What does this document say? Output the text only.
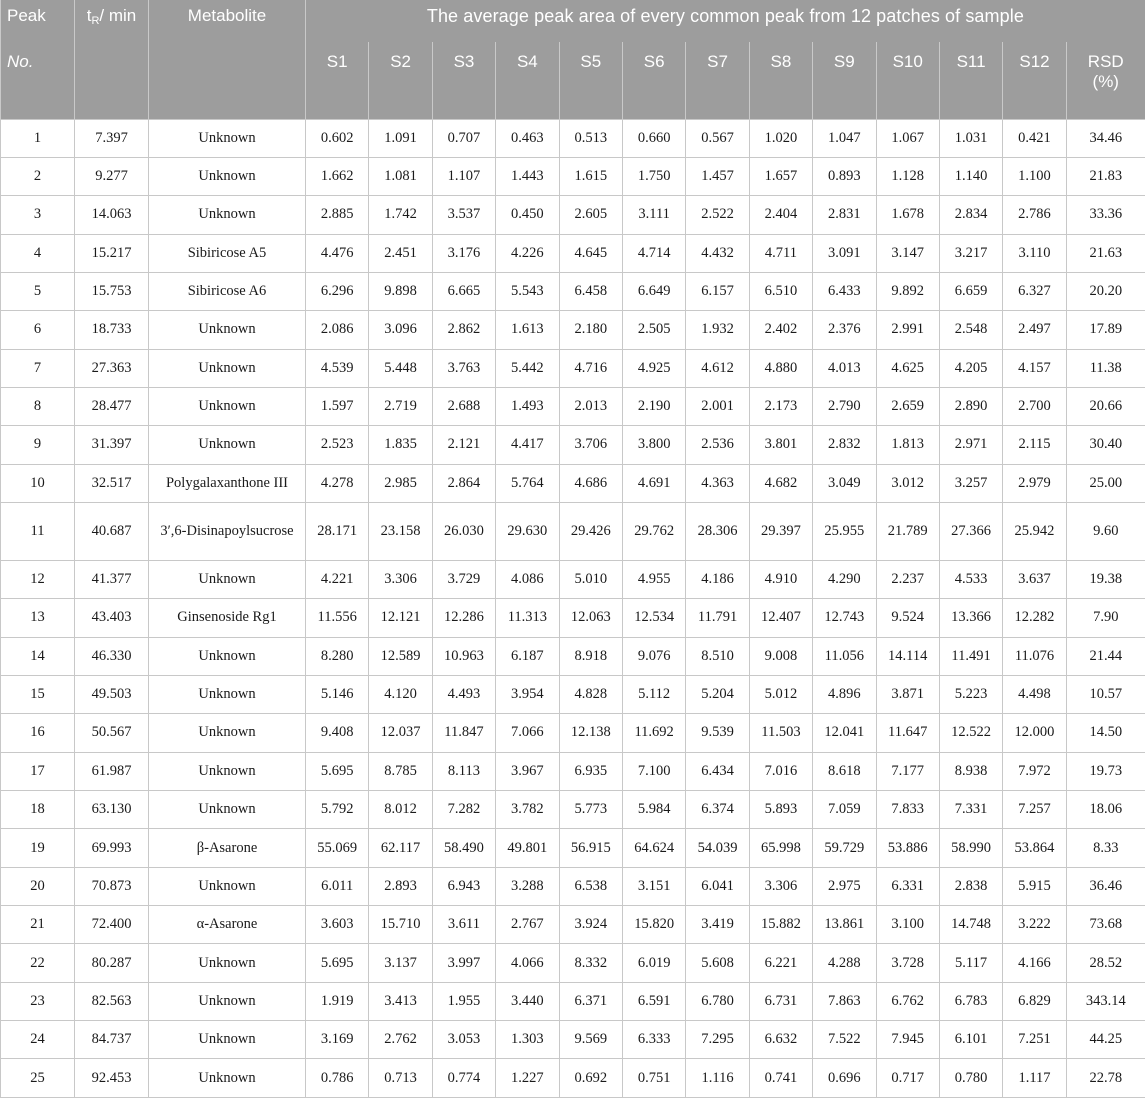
Peak	$t_R/$ min	Metabolite	The average peak area of every common peak from 12 patches of sample												
No.			S1	S2	S3	S4	S5	S6	S7	S8	S9	S10	S11	S12	RSD (%)
1	7.397	Unknown	0.602	1.091	0.707	0.463	0.513	0.660	0.567	1.020	1.047	1.067	1.031	0.421	34.46
2	9.277	Unknown	1.662	1.081	1.107	1.443	1.615	1.750	1.457	1.657	0.893	1.128	1.140	1.100	21.83
3	14.063	Unknown	2.885	1.742	3.537	0.450	2.605	3.111	2.522	2.404	2.831	1.678	2.834	2.786	33.36
4	15.217	Sibiricose A5	4.476	2.451	3.176	4.226	4.645	4.714	4.432	4.711	3.091	3.147	3.217	3.110	21.63
5	15.753	Sibiricose A6	6.296	9.898	6.665	5.543	6.458	6.649	6.157	6.510	6.433	9.892	6.659	6.327	20.20
6	18.733	Unknown	2.086	3.096	2.862	1.613	2.180	2.505	1.932	2.402	2.376	2.991	2.548	2.497	17.89
7	27.363	Unknown	4.539	5.448	3.763	5.442	4.716	4.925	4.612	4.880	4.013	4.625	4.205	4.157	11.38
8	28.477	Unknown	1.597	2.719	2.688	1.493	2.013	2.190	2.001	2.173	2.790	2.659	2.890	2.700	20.66
9	31.397	Unknown	2.523	1.835	2.121	4.417	3.706	3.800	2.536	3.801	2.832	1.813	2.971	2.115	30.40
10	32.517	Polygalaxanthone III	4.278	2.985	2.864	5.764	4.686	4.691	4.363	4.682	3.049	3.012	3.257	2.979	25.00
11	40.687	3′,6-Disinapoylsucrose	28.171	23.158	26.030	29.630	29.426	29.762	28.306	29.397	25.955	21.789	27.366	25.942	9.60
12	41.377	Unknown	4.221	3.306	3.729	4.086	5.010	4.955	4.186	4.910	4.290	2.237	4.533	3.637	19.38
13	43.403	Ginsenoside Rg1	11.556	12.121	12.286	11.313	12.063	12.534	11.791	12.407	12.743	9.524	13.366	12.282	7.90
14	46.330	Unknown	8.280	12.589	10.963	6.187	8.918	9.076	8.510	9.008	11.056	14.114	11.491	11.076	21.44
15	49.503	Unknown	5.146	4.120	4.493	3.954	4.828	5.112	5.204	5.012	4.896	3.871	5.223	4.498	10.57
16	50.567	Unknown	9.408	12.037	11.847	7.066	12.138	11.692	9.539	11.503	12.041	11.647	12.522	12.000	14.50
17	61.987	Unknown	5.695	8.785	8.113	3.967	6.935	7.100	6.434	7.016	8.618	7.177	8.938	7.972	19.73
18	63.130	Unknown	5.792	8.012	7.282	3.782	5.773	5.984	6.374	5.893	7.059	7.833	7.331	7.257	18.06
19	69.993	β-Asarone	55.069	62.117	58.490	49.801	56.915	64.624	54.039	65.998	59.729	53.886	58.990	53.864	8.33
20	70.873	Unknown	6.011	2.893	6.943	3.288	6.538	3.151	6.041	3.306	2.975	6.331	2.838	5.915	36.46
21	72.400	α-Asarone	3.603	15.710	3.611	2.767	3.924	15.820	3.419	15.882	13.861	3.100	14.748	3.222	73.68
22	80.287	Unknown	5.695	3.137	3.997	4.066	8.332	6.019	5.608	6.221	4.288	3.728	5.117	4.166	28.52
23	82.563	Unknown	1.919	3.413	1.955	3.440	6.371	6.591	6.780	6.731	7.863	6.762	6.783	6.829	343.14
24	84.737	Unknown	3.169	2.762	3.053	1.303	9.569	6.333	7.295	6.632	7.522	7.945	6.101	7.251	44.25
25	92.453	Unknown	0.786	0.713	0.774	1.227	0.692	0.751	1.116	0.741	0.696	0.717	0.780	1.117	22.78
